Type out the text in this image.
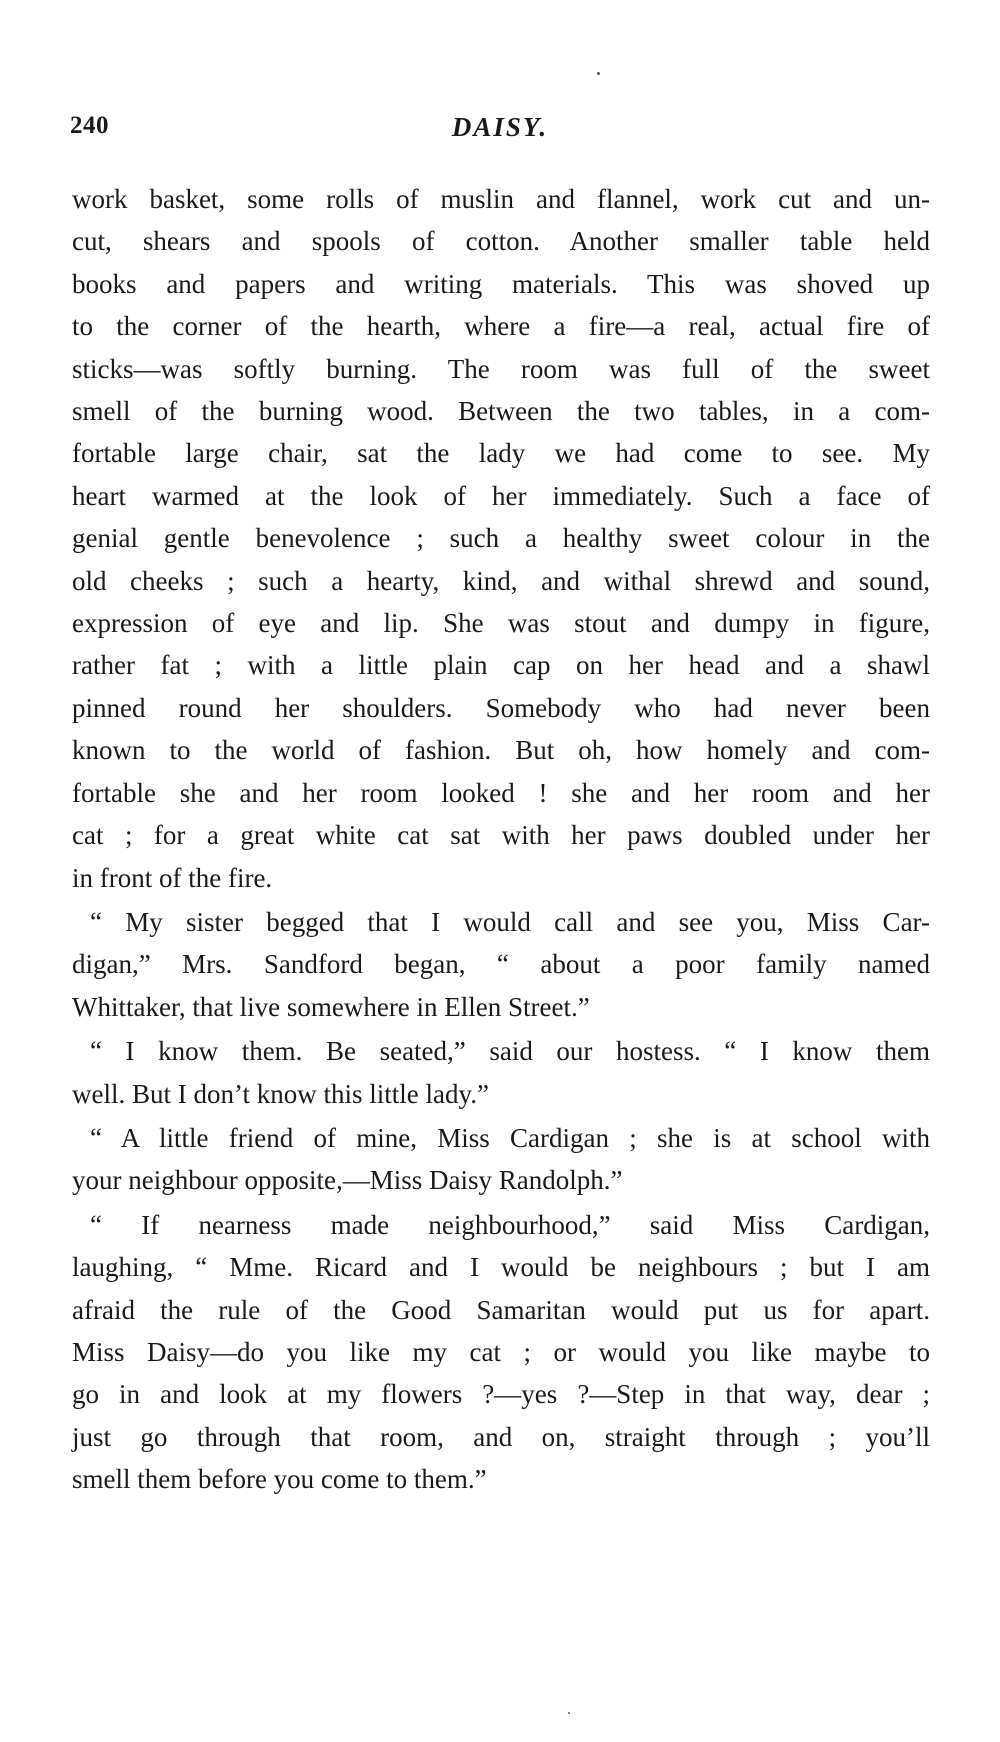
240	DAISY.

work basket, some rolls of muslin and flannel, work cut and un-
cut, shears and spools of cotton. Another smaller table held
books and papers and writing materials. This was shoved up
to the corner of the hearth, where a fire—a real, actual fire of
sticks—was softly burning. The room was full of the sweet
smell of the burning wood. Between the two tables, in a com-
fortable large chair, sat the lady we had come to see. My
heart warmed at the look of her immediately. Such a face of
genial gentle benevolence ; such a healthy sweet colour in the
old cheeks ; such a hearty, kind, and withal shrewd and sound,
expression of eye and lip. She was stout and dumpy in figure,
rather fat ; with a little plain cap on her head and a shawl
pinned round her shoulders. Somebody who had never been
known to the world of fashion. But oh, how homely and com-
fortable she and her room looked ! she and her room and her
cat ; for a great white cat sat with her paws doubled under her
in front of the fire.

“ My sister begged that I would call and see you, Miss Car-
digan,” Mrs. Sandford began, “ about a poor family named
Whittaker, that live somewhere in Ellen Street.”

“ I know them. Be seated,” said our hostess. “ I know them
well. But I don’t know this little lady.”

“ A little friend of mine, Miss Cardigan ; she is at school with
your neighbour opposite,—Miss Daisy Randolph.”

“ If nearness made neighbourhood,” said Miss Cardigan,
laughing, “ Mme. Ricard and I would be neighbours ; but I am
afraid the rule of the Good Samaritan would put us for apart.
Miss Daisy—do you like my cat ; or would you like maybe to
go in and look at my flowers ?—yes ?—Step in that way, dear ;
just go through that room, and on, straight through ; you’ll
smell them before you come to them.”
